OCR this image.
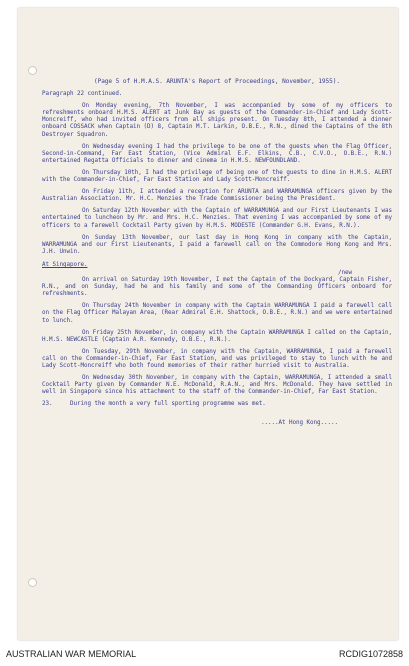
(Page 5 of H.M.A.S. ARUNTA's Report of Proceedings, November, 1955).
Paragraph 22 continued.

On Monday evening, 7th November, I was accompanied by some of my officers to refreshments onboard H.M.S. ALERT at Junk Bay as guests of the Commander-in-Chief and Lady Scott-Moncreiff, who had invited officers from all ships present. On Tuesday 8th, I attended a dinner onboard COSSACK when Captain (D) 8, Captain M.T. Larkin, O.B.E., R.N., dined the Captains of the 8th Destroyer Squadron.

On Wednesday evening I had the privilege to be one of the guests when the Flag Officer, Second-in-Command, Far East Station, (Vice Admiral E.F. Elkins, C.B., C.V.O., O.B.E., R.N.) entertained Regatta Officials to dinner and cinema in H.M.S. NEWFOUNDLAND.

On Thursday 10th, I had the privilege of being one of the guests to dine in H.M.S. ALERT with the Commander-in-Chief, Far East Station and Lady Scott-Moncreiff.

On Friday 11th, I attended a reception for ARUNTA and WARRAMUNGA officers given by the Australian Association. Mr. H.C. Menzies the Trade Commissioner being the President.

On Saturday 12th November with the Captain of WARRAMUNGA and our First Lieutenants I was entertained to luncheon by Mr. and Mrs. H.C. Menzies. That evening I was accompanied by some of my officers to a farewell Cocktail Party given by H.M.S. MODESTE (Commander G.H. Evans, R.N.).

On Sunday 13th November, our last day in Hong Kong in company with the Captain, WARRAMUNGA and our First Lieutenants, I paid a farewell call on the Commodore Hong Kong and Mrs. J.H. Unwin.

At Singapore.
/new

On arrival on Saturday 19th November, I met the Captain of the Dockyard, Captain Fisher, R.N., and on Sunday, had he and his family and some of the Commanding Officers onboard for refreshments.

On Thursday 24th November in company with the Captain WARRAMUNGA I paid a farewell call on the Flag Officer Malayan Area, (Rear Admiral E.H. Shattock, O.B.E., R.N.) and we were entertained to lunch.

On Friday 25th November, in company with the Captain WARRAMUNGA I called on the Captain, H.M.S. NEWCASTLE (Captain A.R. Kennedy, O.B.E., R.N.).

On Tuesday, 29th November, in company with the Captain, WARRAMUNGA, I paid a farewell call on the Commander-in-Chief, Far East Station, and was privileged to stay to lunch with he and Lady Scott-Moncreiff who both found memories of their rather hurried visit to Australia.

On Wednesday 30th November, in company with the Captain, WARRAMUNGA, I attended a small Cocktail Party given by Commander N.E. McDonald, R.A.N., and Mrs. McDonald. They have settled in well in Singapore since his attachment to the staff of the Commander-in-Chief, Far East Station.

23.	During the month a very full sporting programme was met.
.....At Hong Kong.....
AUSTRALIAN WAR MEMORIAL	RCDIG1072858
